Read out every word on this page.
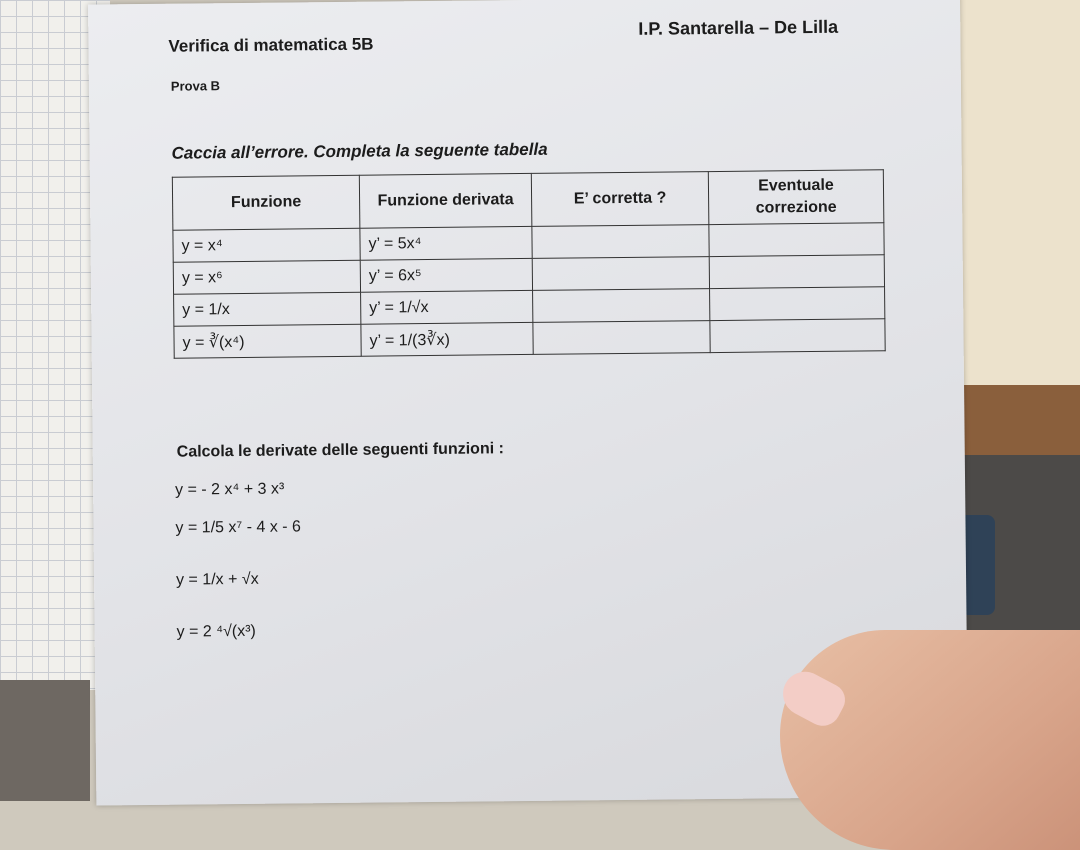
Verifica di matematica 5B
I.P. Santarella – De Lilla
Prova B
Caccia all’errore. Completa la seguente tabella
Funzione	Funzione derivata	E’ corretta ?	Eventuale correzione
y = x⁴	y’ = 5x⁴		
y = x⁶	y’ = 6x⁵		
y = 1/x	y’ = 1/√x		
y = ∛(x⁴)	y’ = 1/(3∛x)		
Calcola le derivate delle seguenti funzioni :
y = - 2 x⁴ + 3 x³
y = 1/5 x⁷ - 4 x - 6
y = 1/x + √x
y = 2 ⁴√(x³)
